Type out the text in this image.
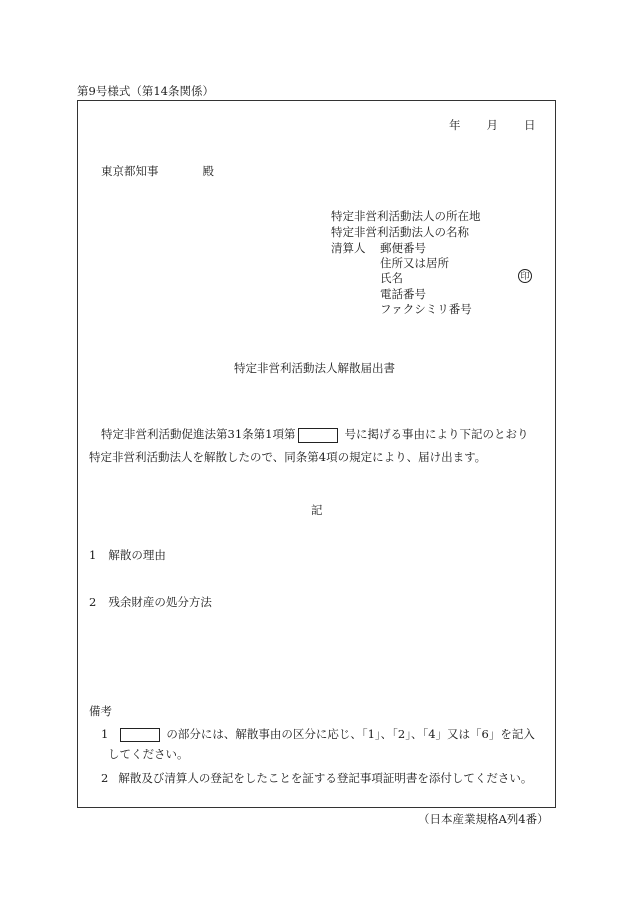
第9号様式（第14条関係）
年 月 日
東京都知事	殿
特定非営利活動法人の所在地
特定非営利活動法人の名称
清算人 郵便番号
住所又は居所
氏名	印
電話番号
ファクシミリ番号
特定非営利活動法人解散届出書
特定非営利活動促進法第31条第1項第	号に掲げる事由により下記のとおり
特定非営利活動法人を解散したので、同条第4項の規定により、届け出ます。
記
1 解散の理由
2 残余財産の処分方法
備考
1	の部分には、解散事由の区分に応じ、「1」、「2」、「4」又は「6」を記入
してください。
2 解散及び清算人の登記をしたことを証する登記事項証明書を添付してください。
（日本産業規格A列4番）
